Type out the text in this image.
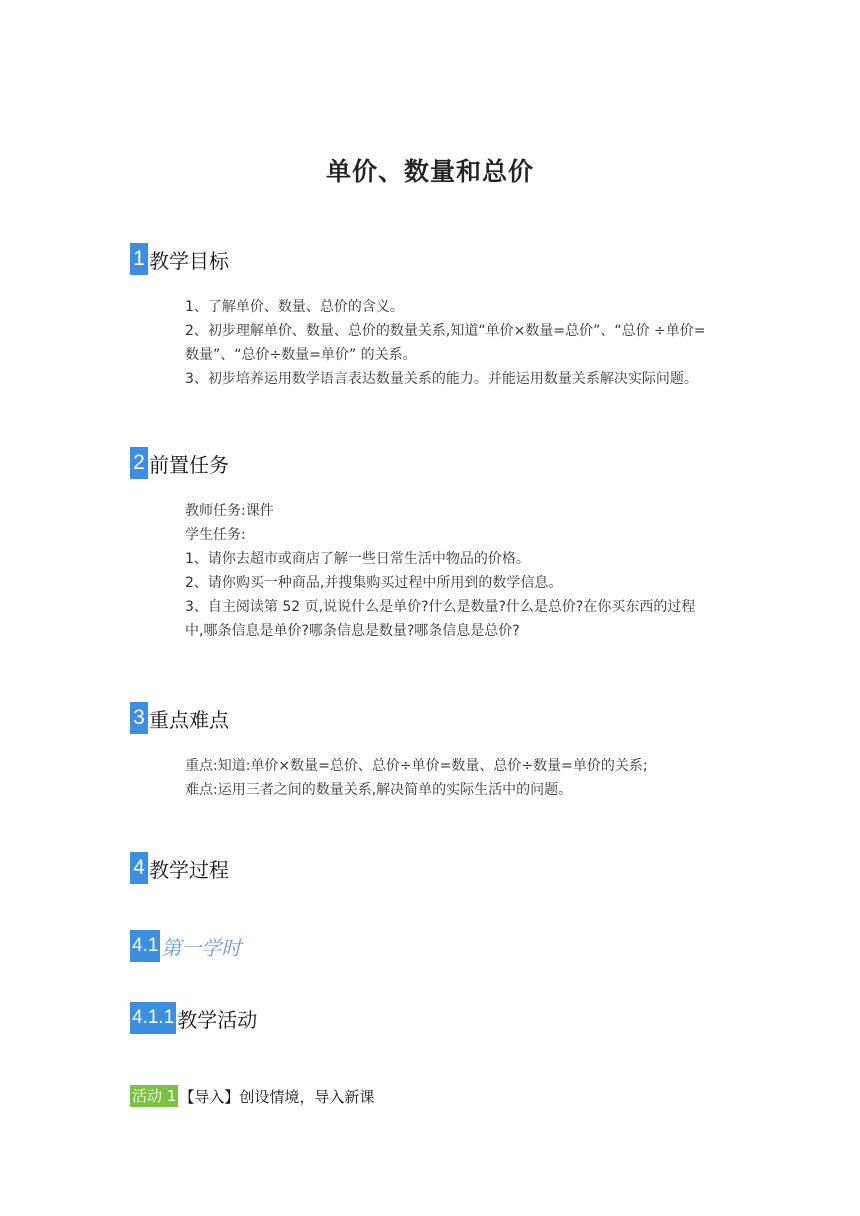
单价、数量和总价
1 教学目标
1、了解单价、数量、总价的含义。
2、初步理解单价、数量、总价的数量关系,知道“单价×数量=总价”、“总价 ÷单价=
数量”、“总价÷数量=单价” 的关系。
3、初步培养运用数学语言表达数量关系的能力。并能运用数量关系解决实际问题。
2 前置任务
教师任务:课件
学生任务:
1、请你去超市或商店了解一些日常生活中物品的价格。
2、请你购买一种商品,并搜集购买过程中所用到的数学信息。
3、自主阅读第 52 页,说说什么是单价?什么是数量?什么是总价?在你买东西的过程
中,哪条信息是单价?哪条信息是数量?哪条信息是总价?
3 重点难点
重点:知道:单价×数量=总价、总价÷单价=数量、总价÷数量=单价的关系;
难点:运用三者之间的数量关系,解决简单的实际生活中的问题。
4 教学过程
4.1 第一学时
4.1.1 教学活动
活动 1 【导入】创设情境，导入新课
